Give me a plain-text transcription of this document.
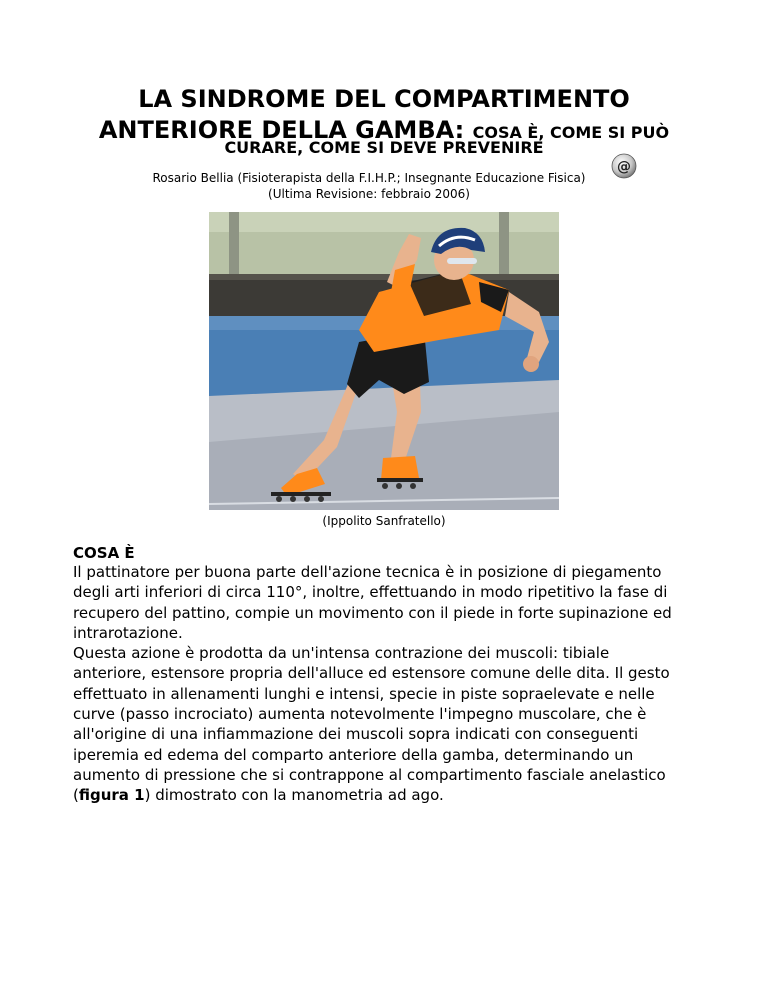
LA SINDROME DEL COMPARTIMENTO
ANTERIORE DELLA GAMBA: COSA È, COME SI PUÒ
CURARE, COME SI DEVE PREVENIRE
Rosario Bellia (Fisioterapista della F.I.H.P.; Insegnante Educazione Fisica)
(Ultima Revisione: febbraio 2006)
@
(Ippolito Sanfratello)
COSA È
Il pattinatore per buona parte dell'azione tecnica è in posizione di piegamento
degli arti inferiori di circa 110°, inoltre, effettuando in modo ripetitivo la fase di
recupero del pattino, compie un movimento con il piede in forte supinazione ed
intrarotazione.
Questa azione è prodotta da un'intensa contrazione dei muscoli: tibiale
anteriore, estensore propria dell'alluce ed estensore comune delle dita. Il gesto
effettuato in allenamenti lunghi e intensi, specie in piste sopraelevate e nelle
curve (passo incrociato) aumenta notevolmente l'impegno muscolare, che è
all'origine di una infiammazione dei muscoli sopra indicati con conseguenti
iperemia ed edema del comparto anteriore della gamba, determinando un
aumento di pressione che si contrappone al compartimento fasciale anelastico
(figura 1) dimostrato con la manometria ad ago.
